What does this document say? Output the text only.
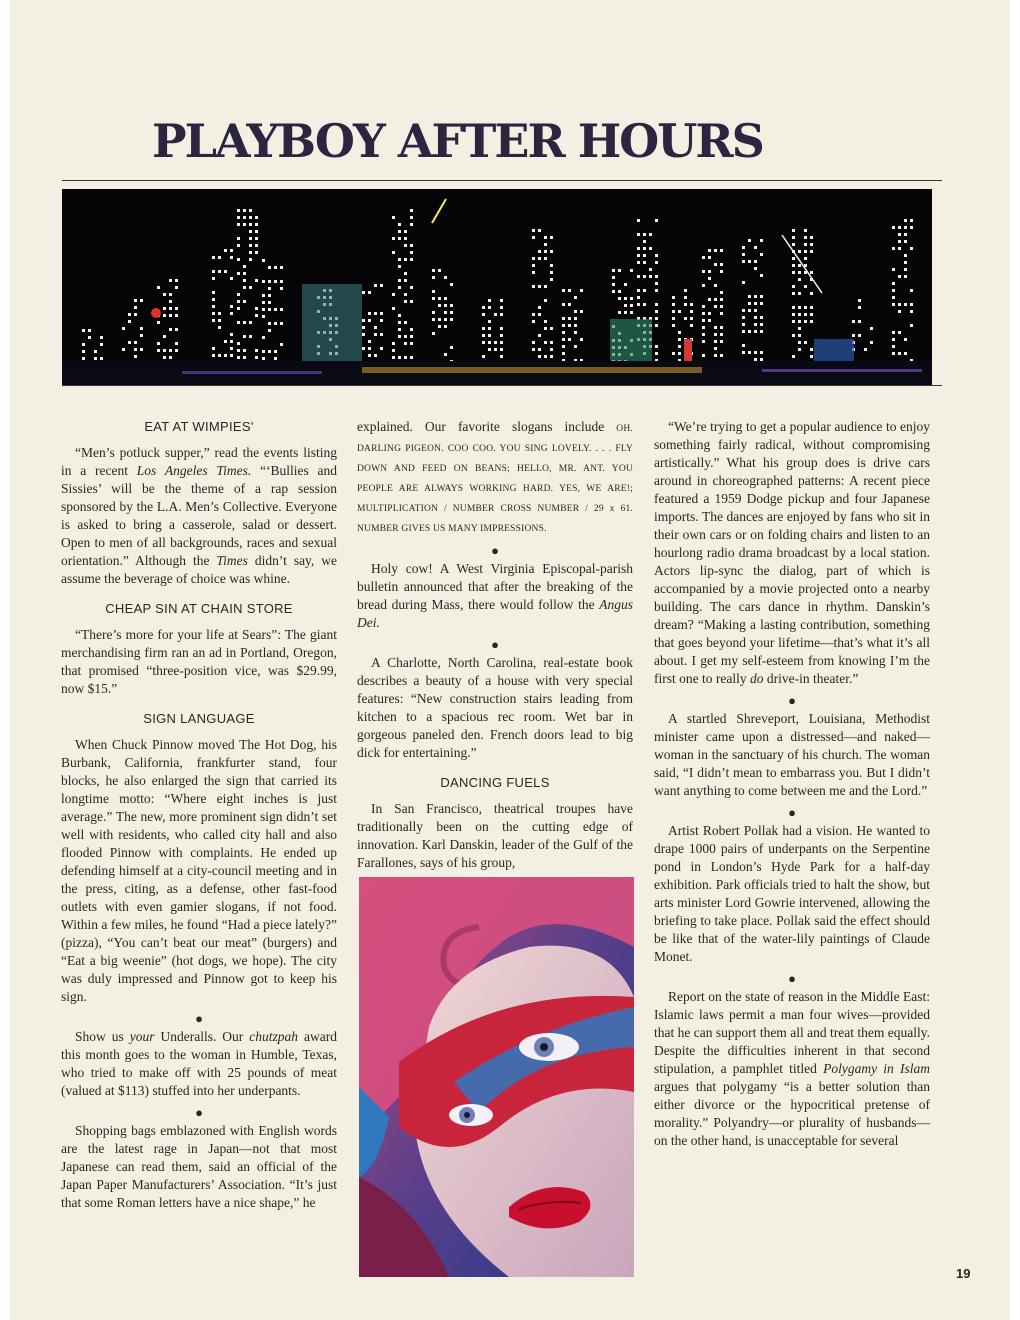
PLAYBOY AFTER HOURS
EAT AT WIMPIES'

“Men’s potluck supper,” read the events listing in a recent Los Angeles Times. “‘Bullies and Sissies’ will be the theme of a rap session sponsored by the L.A. Men’s Collective. Everyone is asked to bring a casserole, salad or dessert. Open to men of all backgrounds, races and sexual orientation.” Although the Times didn’t say, we assume the beverage of choice was whine.

CHEAP SIN AT CHAIN STORE

“There’s more for your life at Sears”: The giant merchandising firm ran an ad in Portland, Oregon, that promised “three-position vice, was $29.99, now $15.”

SIGN LANGUAGE

When Chuck Pinnow moved The Hot Dog, his Burbank, California, frankfurter stand, four blocks, he also enlarged the sign that carried its longtime motto: “Where eight inches is just average.” The new, more prominent sign didn’t set well with residents, who called city hall and also flooded Pinnow with complaints. He ended up defending himself at a city-council meeting and in the press, citing, as a defense, other fast-food outlets with even gamier slogans, if not food. Within a few miles, he found “Had a piece lately?” (pizza), “You can’t beat our meat” (burgers) and “Eat a big weenie” (hot dogs, we hope). The city was duly impressed and Pinnow got to keep his sign.

●

Show us your Underalls. Our chutzpah award this month goes to the woman in Humble, Texas, who tried to make off with 25 pounds of meat (valued at $113) stuffed into her underpants.

●

Shopping bags emblazoned with English words are the latest rage in Japan—not that most Japanese can read them, said an official of the Japan Paper Manufacturers’ Association. “It’s just that some Roman letters have a nice shape,” he

explained. Our favorite slogans include OH. DARLING PIGEON. COO COO. YOU SING LOVELY. . . . FLY DOWN AND FEED ON BEANS; HELLO, MR. ANT. YOU PEOPLE ARE ALWAYS WORKING HARD. YES, WE ARE!; MULTIPLICATION / NUMBER CROSS NUMBER / 29 x 61. NUMBER GIVES US MANY IMPRESSIONS.

●

Holy cow! A West Virginia Episcopal-parish bulletin announced that after the breaking of the bread during Mass, there would follow the Angus Dei.

●

A Charlotte, North Carolina, real-estate book describes a beauty of a house with very special features: “New construction stairs leading from kitchen to a spacious rec room. Wet bar in gorgeous paneled den. French doors lead to big dick for entertaining.”

DANCING FUELS

In San Francisco, theatrical troupes have traditionally been on the cutting edge of innovation. Karl Danskin, leader of the Gulf of the Farallones, says of his group,

“We’re trying to get a popular audience to enjoy something fairly radical, without compromising artistically.” What his group does is drive cars around in choreographed patterns: A recent piece featured a 1959 Dodge pickup and four Japanese imports. The dances are enjoyed by fans who sit in their own cars or on folding chairs and listen to an hourlong radio drama broadcast by a local station. Actors lip-sync the dialog, part of which is accompanied by a movie projected onto a nearby building. The cars dance in rhythm. Danskin’s dream? “Making a lasting contribution, something that goes beyond your lifetime—that’s what it’s all about. I get my self-esteem from knowing I’m the first one to really do drive-in theater.”

●

A startled Shreveport, Louisiana, Methodist minister came upon a distressed—and naked—woman in the sanctuary of his church. The woman said, “I didn’t mean to embarrass you. But I didn’t want anything to come between me and the Lord.”

●

Artist Robert Pollak had a vision. He wanted to drape 1000 pairs of underpants on the Serpentine pond in London’s Hyde Park for a half-day exhibition. Park officials tried to halt the show, but arts minister Lord Gowrie intervened, allowing the briefing to take place. Pollak said the effect should be like that of the water-lily paintings of Claude Monet.

●

Report on the state of reason in the Middle East: Islamic laws permit a man four wives—provided that he can support them all and treat them equally. Despite the difficulties inherent in that second stipulation, a pamphlet titled Polygamy in Islam argues that polygamy “is a better solution than either divorce or the hypocritical pretense of morality.” Polyandry—or plurality of husbands—on the other hand, is unacceptable for several

19
